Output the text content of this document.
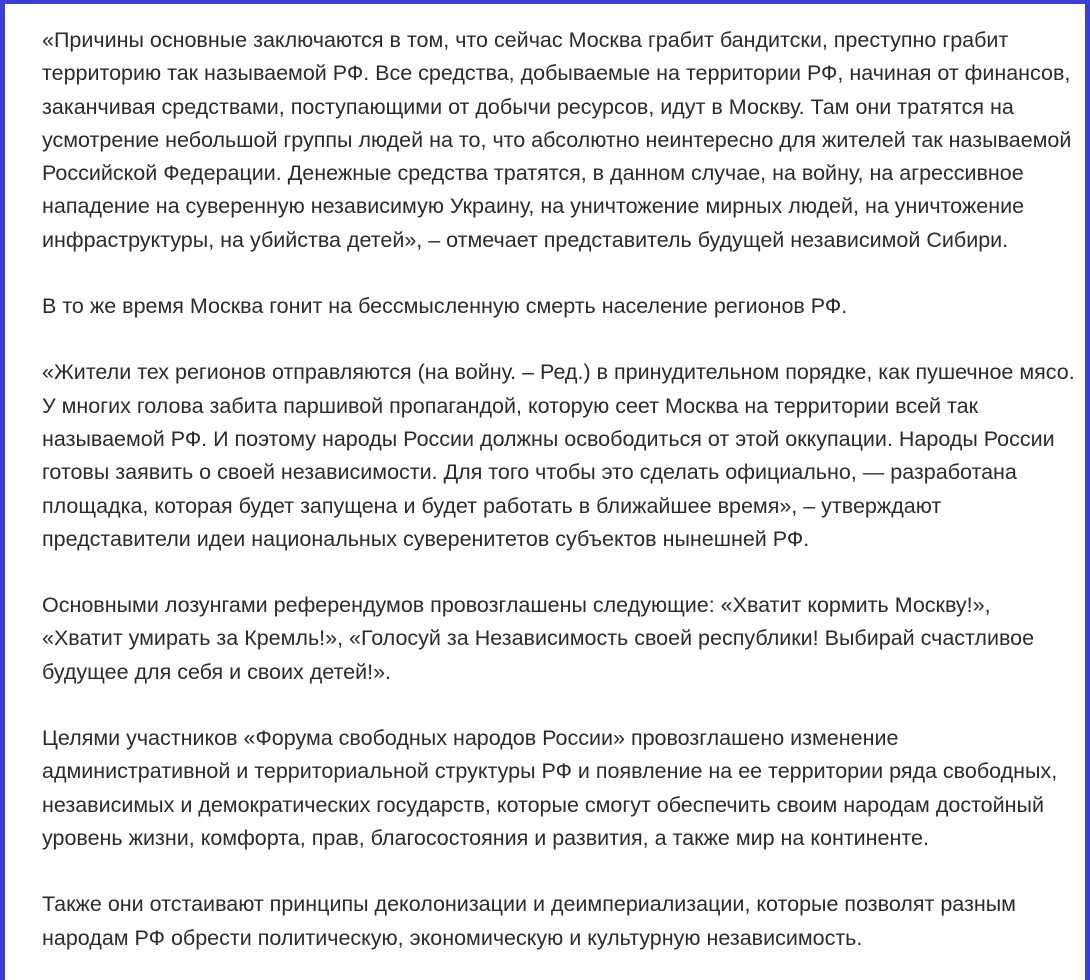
«Причины основные заключаются в том, что сейчас Москва грабит бандитски, преступно грабит территорию так называемой РФ. Все средства, добываемые на территории РФ, начиная от финансов, заканчивая средствами, поступающими от добычи ресурсов, идут в Москву. Там они тратятся на усмотрение небольшой группы людей на то, что абсолютно неинтересно для жителей так называемой Российской Федерации. Денежные средства тратятся, в данном случае, на войну, на агрессивное нападение на суверенную независимую Украину, на уничтожение мирных людей, на уничтожение инфраструктуры, на убийства детей», – отмечает представитель будущей независимой Сибири.

В то же время Москва гонит на бессмысленную смерть население регионов РФ.

«Жители тех регионов отправляются (на войну. – Ред.) в принудительном порядке, как пушечное мясо. У многих голова забита паршивой пропагандой, которую сеет Москва на территории всей так называемой РФ. И поэтому народы России должны освободиться от этой оккупации. Народы России готовы заявить о своей независимости. Для того чтобы это сделать официально, — разработана площадка, которая будет запущена и будет работать в ближайшее время», – утверждают представители идеи национальных суверенитетов субъектов нынешней РФ.

Основными лозунгами референдумов провозглашены следующие: «Хватит кормить Москву!», «Хватит умирать за Кремль!», «Голосуй за Независимость своей республики! Выбирай счастливое будущее для себя и своих детей!».

Целями участников «Форума свободных народов России» провозглашено изменение административной и территориальной структуры РФ и появление на ее территории ряда свободных, независимых и демократических государств, которые смогут обеспечить своим народам достойный уровень жизни, комфорта, прав, благосостояния и развития, а также мир на континенте.

Также они отстаивают принципы деколонизации и деимпериализации, которые позволят разным народам РФ обрести политическую, экономическую и культурную независимость.
